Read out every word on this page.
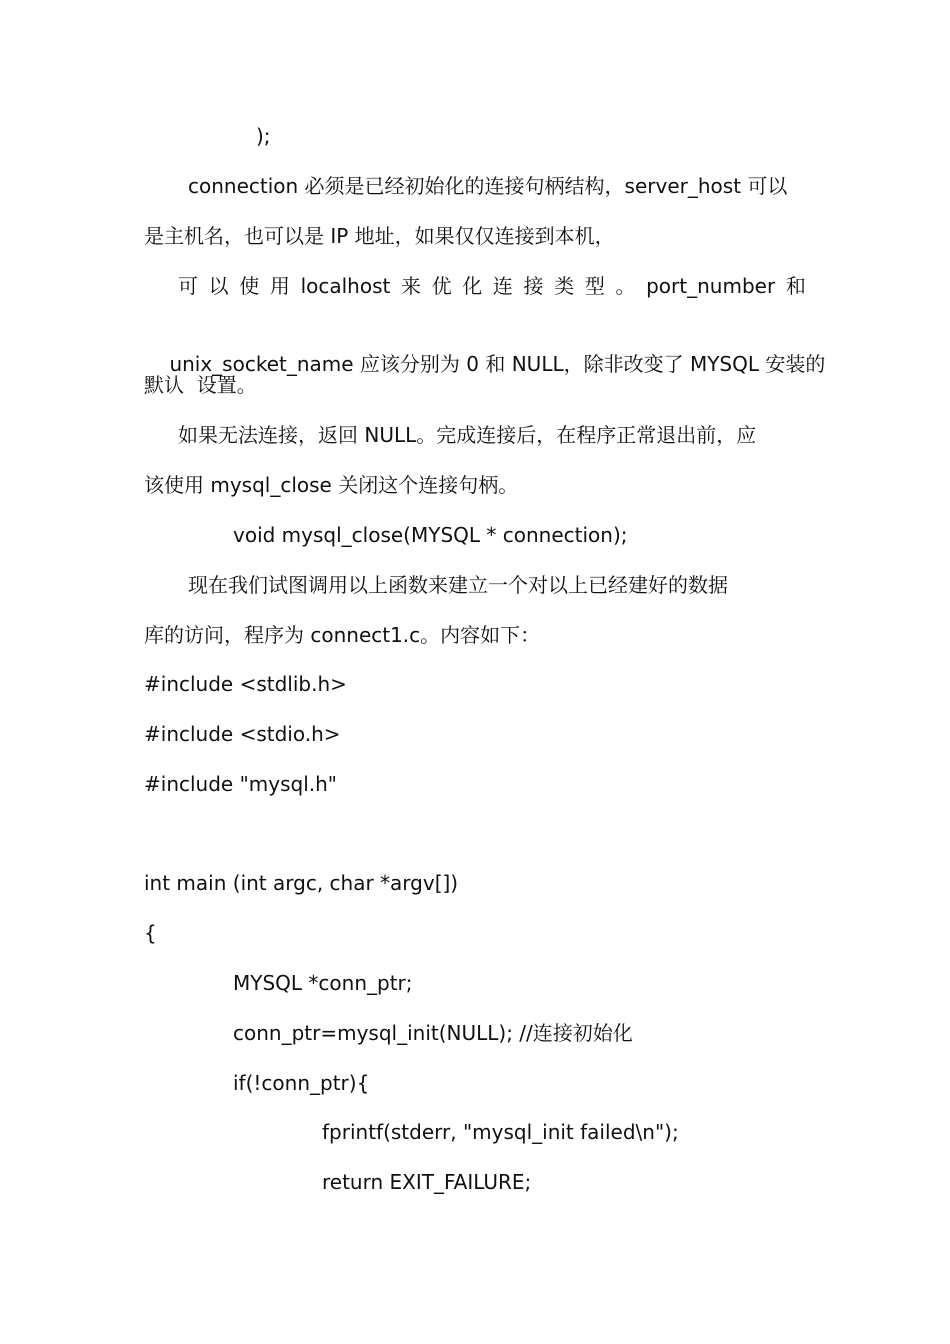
);
connection 必须是已经初始化的连接句柄结构，server_host 可以
是主机名，也可以是 IP 地址，如果仅仅连接到本机，
可 以 使 用 localhost 来 优 化 连 接 类 型 。 port_number 和

unix_socket_name 应该分别为 0 和 NULL，除非改变了 MYSQL 安装的

默认  设置。
如果无法连接，返回 NULL。完成连接后，在程序正常退出前，应
该使用 mysql_close 关闭这个连接句柄。
void mysql_close(MYSQL * connection);
现在我们试图调用以上函数来建立一个对以上已经建好的数据
库的访问，程序为 connect1.c。内容如下：
#include <stdlib.h>
#include <stdio.h>
#include "mysql.h"
int main (int argc, char *argv[])
{
MYSQL *conn_ptr;
conn_ptr=mysql_init(NULL); //连接初始化
if(!conn_ptr){
fprintf(stderr, "mysql_init failed\n");
return EXIT_FAILURE;
